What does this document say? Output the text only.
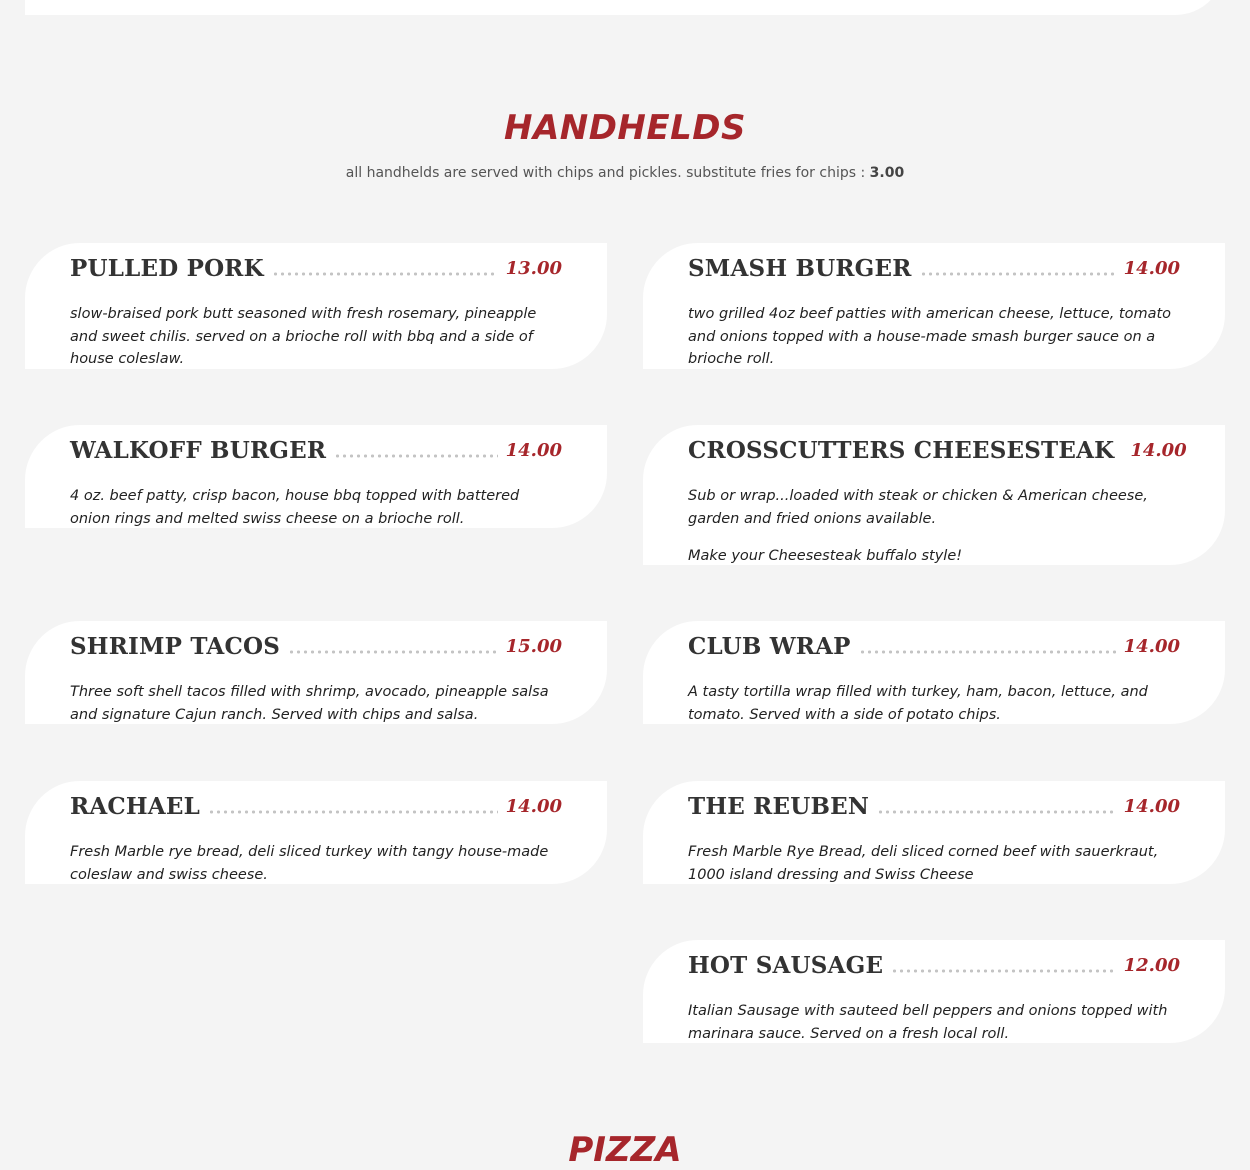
HANDHELDS
all handhelds are served with chips and pickles. substitute fries for chips : 3.00
PULLED PORK	13.00
slow-braised pork butt seasoned with fresh rosemary, pineapple and sweet chilis. served on a brioche roll with bbq and a side of house coleslaw.
SMASH BURGER	14.00
two grilled 4oz beef patties with american cheese, lettuce, tomato and onions topped with a house-made smash burger sauce on a brioche roll.
WALKOFF BURGER	14.00
4 oz. beef patty, crisp bacon, house bbq topped with battered onion rings and melted swiss cheese on a brioche roll.
CROSSCUTTERS CHEESESTEAK 14.00
Sub or wrap...loaded with steak or chicken & American cheese, garden and fried onions available.
Make your Cheesesteak buffalo style!
SHRIMP TACOS	15.00
Three soft shell tacos filled with shrimp, avocado, pineapple salsa and signature Cajun ranch. Served with chips and salsa.
CLUB WRAP	14.00
A tasty tortilla wrap filled with turkey, ham, bacon, lettuce, and tomato. Served with a side of potato chips.
RACHAEL	14.00
Fresh Marble rye bread, deli sliced turkey with tangy house-made coleslaw and swiss cheese.
THE REUBEN	14.00
Fresh Marble Rye Bread, deli sliced corned beef with sauerkraut, 1000 island dressing and Swiss Cheese
HOT SAUSAGE	12.00
Italian Sausage with sauteed bell peppers and onions topped with marinara sauce. Served on a fresh local roll.
PIZZA
